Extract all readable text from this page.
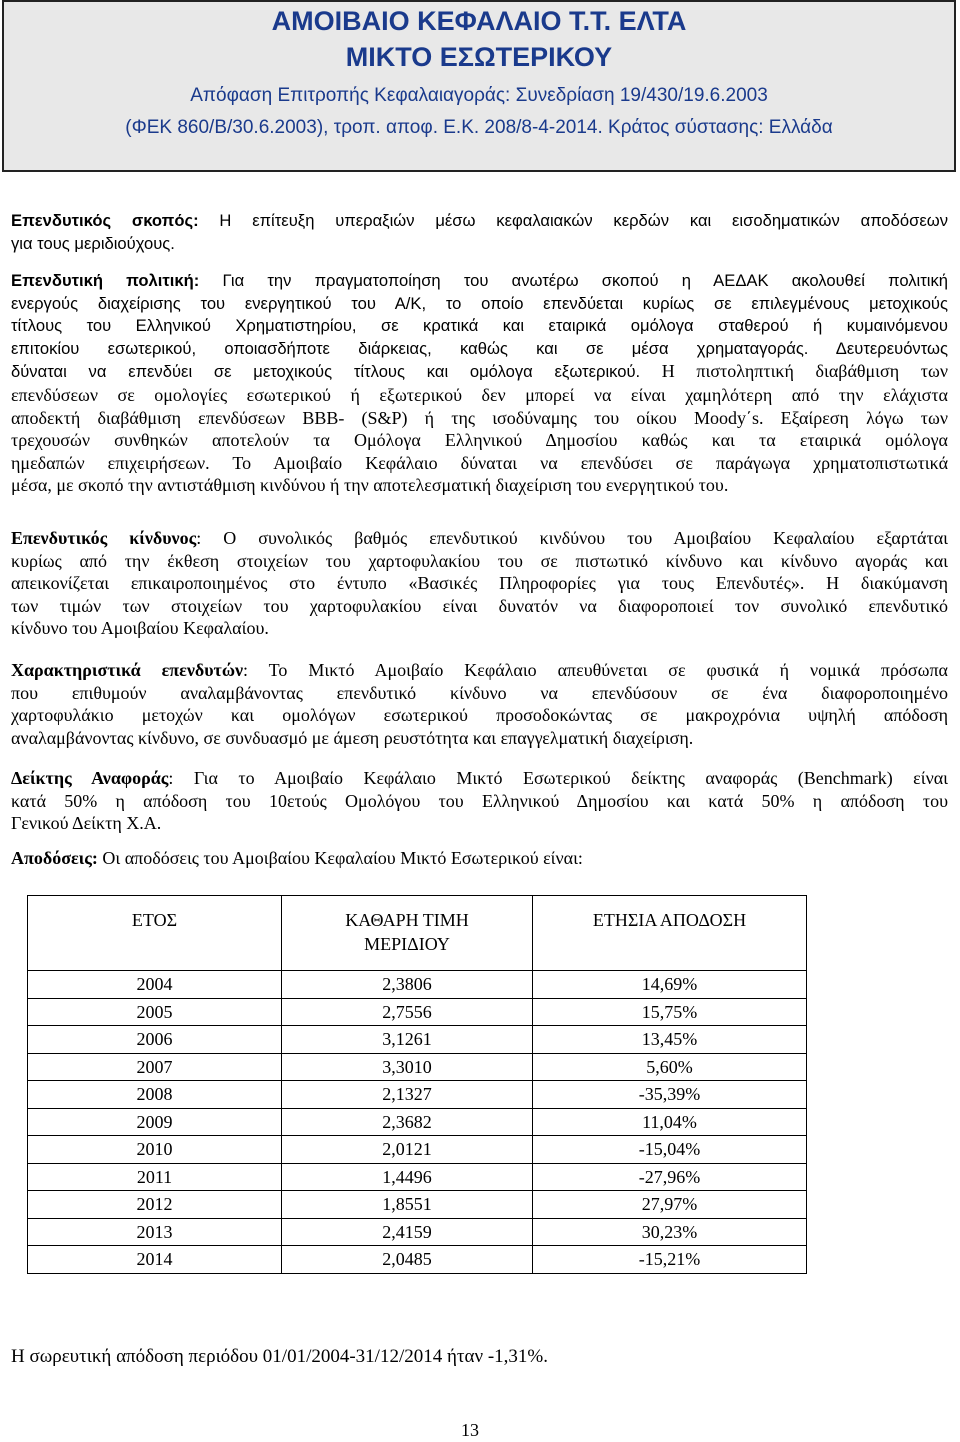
ΑΜΟΙΒΑΙΟ ΚΕΦΑΛΑΙΟ Τ.Τ. ΕΛΤΑ
ΜΙΚΤΟ ΕΣΩΤΕΡΙΚΟΥ
Απόφαση Επιτροπής Κεφαλαιαγοράς: Συνεδρίαση 19/430/19.6.2003
(ΦΕΚ 860/Β/30.6.2003), τροπ. αποφ. Ε.Κ. 208/8-4-2014. Κράτος σύστασης: Ελλάδα
Επενδυτικός σκοπός: Η επίτευξη υπεραξιών μέσω κεφαλαιακών κερδών και εισοδηματικών αποδόσεων
για τους μεριδιούχους.
Επενδυτική πολιτική: Για την πραγματοποίηση του ανωτέρω σκοπού η ΑΕΔΑΚ ακολουθεί πολιτική
ενεργούς διαχείρισης του ενεργητικού του Α/Κ, το οποίο επενδύεται κυρίως σε επιλεγμένους μετοχικούς
τίτλους του Ελληνικού Χρηματιστηρίου, σε κρατικά και εταιρικά ομόλογα σταθερού ή κυμαινόμενου
επιτοκίου εσωτερικού, οποιασδήποτε διάρκειας, καθώς και σε μέσα χρηματαγοράς. Δευτερευόντως
δύναται να επενδύει σε μετοχικούς τίτλους και ομόλογα εξωτερικού. Η πιστοληπτική διαβάθμιση των
επενδύσεων σε ομολογίες εσωτερικού ή εξωτερικού δεν μπορεί να είναι χαμηλότερη από την ελάχιστα
αποδεκτή διαβάθμιση επενδύσεων BBB- (S&P) ή της ισοδύναμης του οίκου Moody΄s. Εξαίρεση λόγω των
τρεχουσών συνθηκών αποτελούν τα Ομόλογα Ελληνικού Δημοσίου καθώς και τα εταιρικά ομόλογα
ημεδαπών επιχειρήσεων. Το Αμοιβαίο Κεφάλαιο δύναται να επενδύσει σε παράγωγα χρηματοπιστωτικά
μέσα, με σκοπό την αντιστάθμιση κινδύνου ή την αποτελεσματική διαχείριση του ενεργητικού του.
Επενδυτικός κίνδυνος: Ο συνολικός βαθμός επενδυτικού κινδύνου του Αμοιβαίου Κεφαλαίου εξαρτάται
κυρίως από την έκθεση στοιχείων του χαρτοφυλακίου του σε πιστωτικό κίνδυνο και κίνδυνο αγοράς και
απεικονίζεται επικαιροποιημένος στο έντυπο «Βασικές Πληροφορίες για τους Επενδυτές». Η διακύμανση
των τιμών των στοιχείων του χαρτοφυλακίου είναι δυνατόν να διαφοροποιεί τον συνολικό επενδυτικό
κίνδυνο του Αμοιβαίου Κεφαλαίου.
Χαρακτηριστικά επενδυτών: Το Μικτό Αμοιβαίο Κεφάλαιο απευθύνεται σε φυσικά ή νομικά πρόσωπα
που επιθυμούν αναλαμβάνοντας επενδυτικό κίνδυνο να επενδύσουν σε ένα διαφοροποιημένο
χαρτοφυλάκιο μετοχών και ομολόγων εσωτερικού προσοδοκώντας σε μακροχρόνια υψηλή απόδοση
αναλαμβάνοντας κίνδυνο, σε συνδυασμό με άμεση ρευστότητα και επαγγελματική διαχείριση.
Δείκτης Αναφοράς: Για το Αμοιβαίο Κεφάλαιο Μικτό Εσωτερικού δείκτης αναφοράς (Benchmark) είναι
κατά 50% η απόδοση του 10ετούς Ομολόγου του Ελληνικού Δημοσίου και κατά 50% η απόδοση του
Γενικού Δείκτη Χ.Α.
Αποδόσεις: Οι αποδόσεις του Αμοιβαίου Κεφαλαίου Μικτό Εσωτερικού είναι:
ΕΤΟΣ	ΚΑΘΑΡΗ ΤΙΜΗ ΜΕΡΙΔΙΟΥ	ΕΤΗΣΙΑ ΑΠΟΔΟΣΗ
2004	2,3806	14,69%
2005	2,7556	15,75%
2006	3,1261	13,45%
2007	3,3010	5,60%
2008	2,1327	-35,39%
2009	2,3682	11,04%
2010	2,0121	-15,04%
2011	1,4496	-27,96%
2012	1,8551	27,97%
2013	2,4159	30,23%
2014	2,0485	-15,21%
Η σωρευτική απόδοση περιόδου 01/01/2004-31/12/2014 ήταν -1,31%.
13
